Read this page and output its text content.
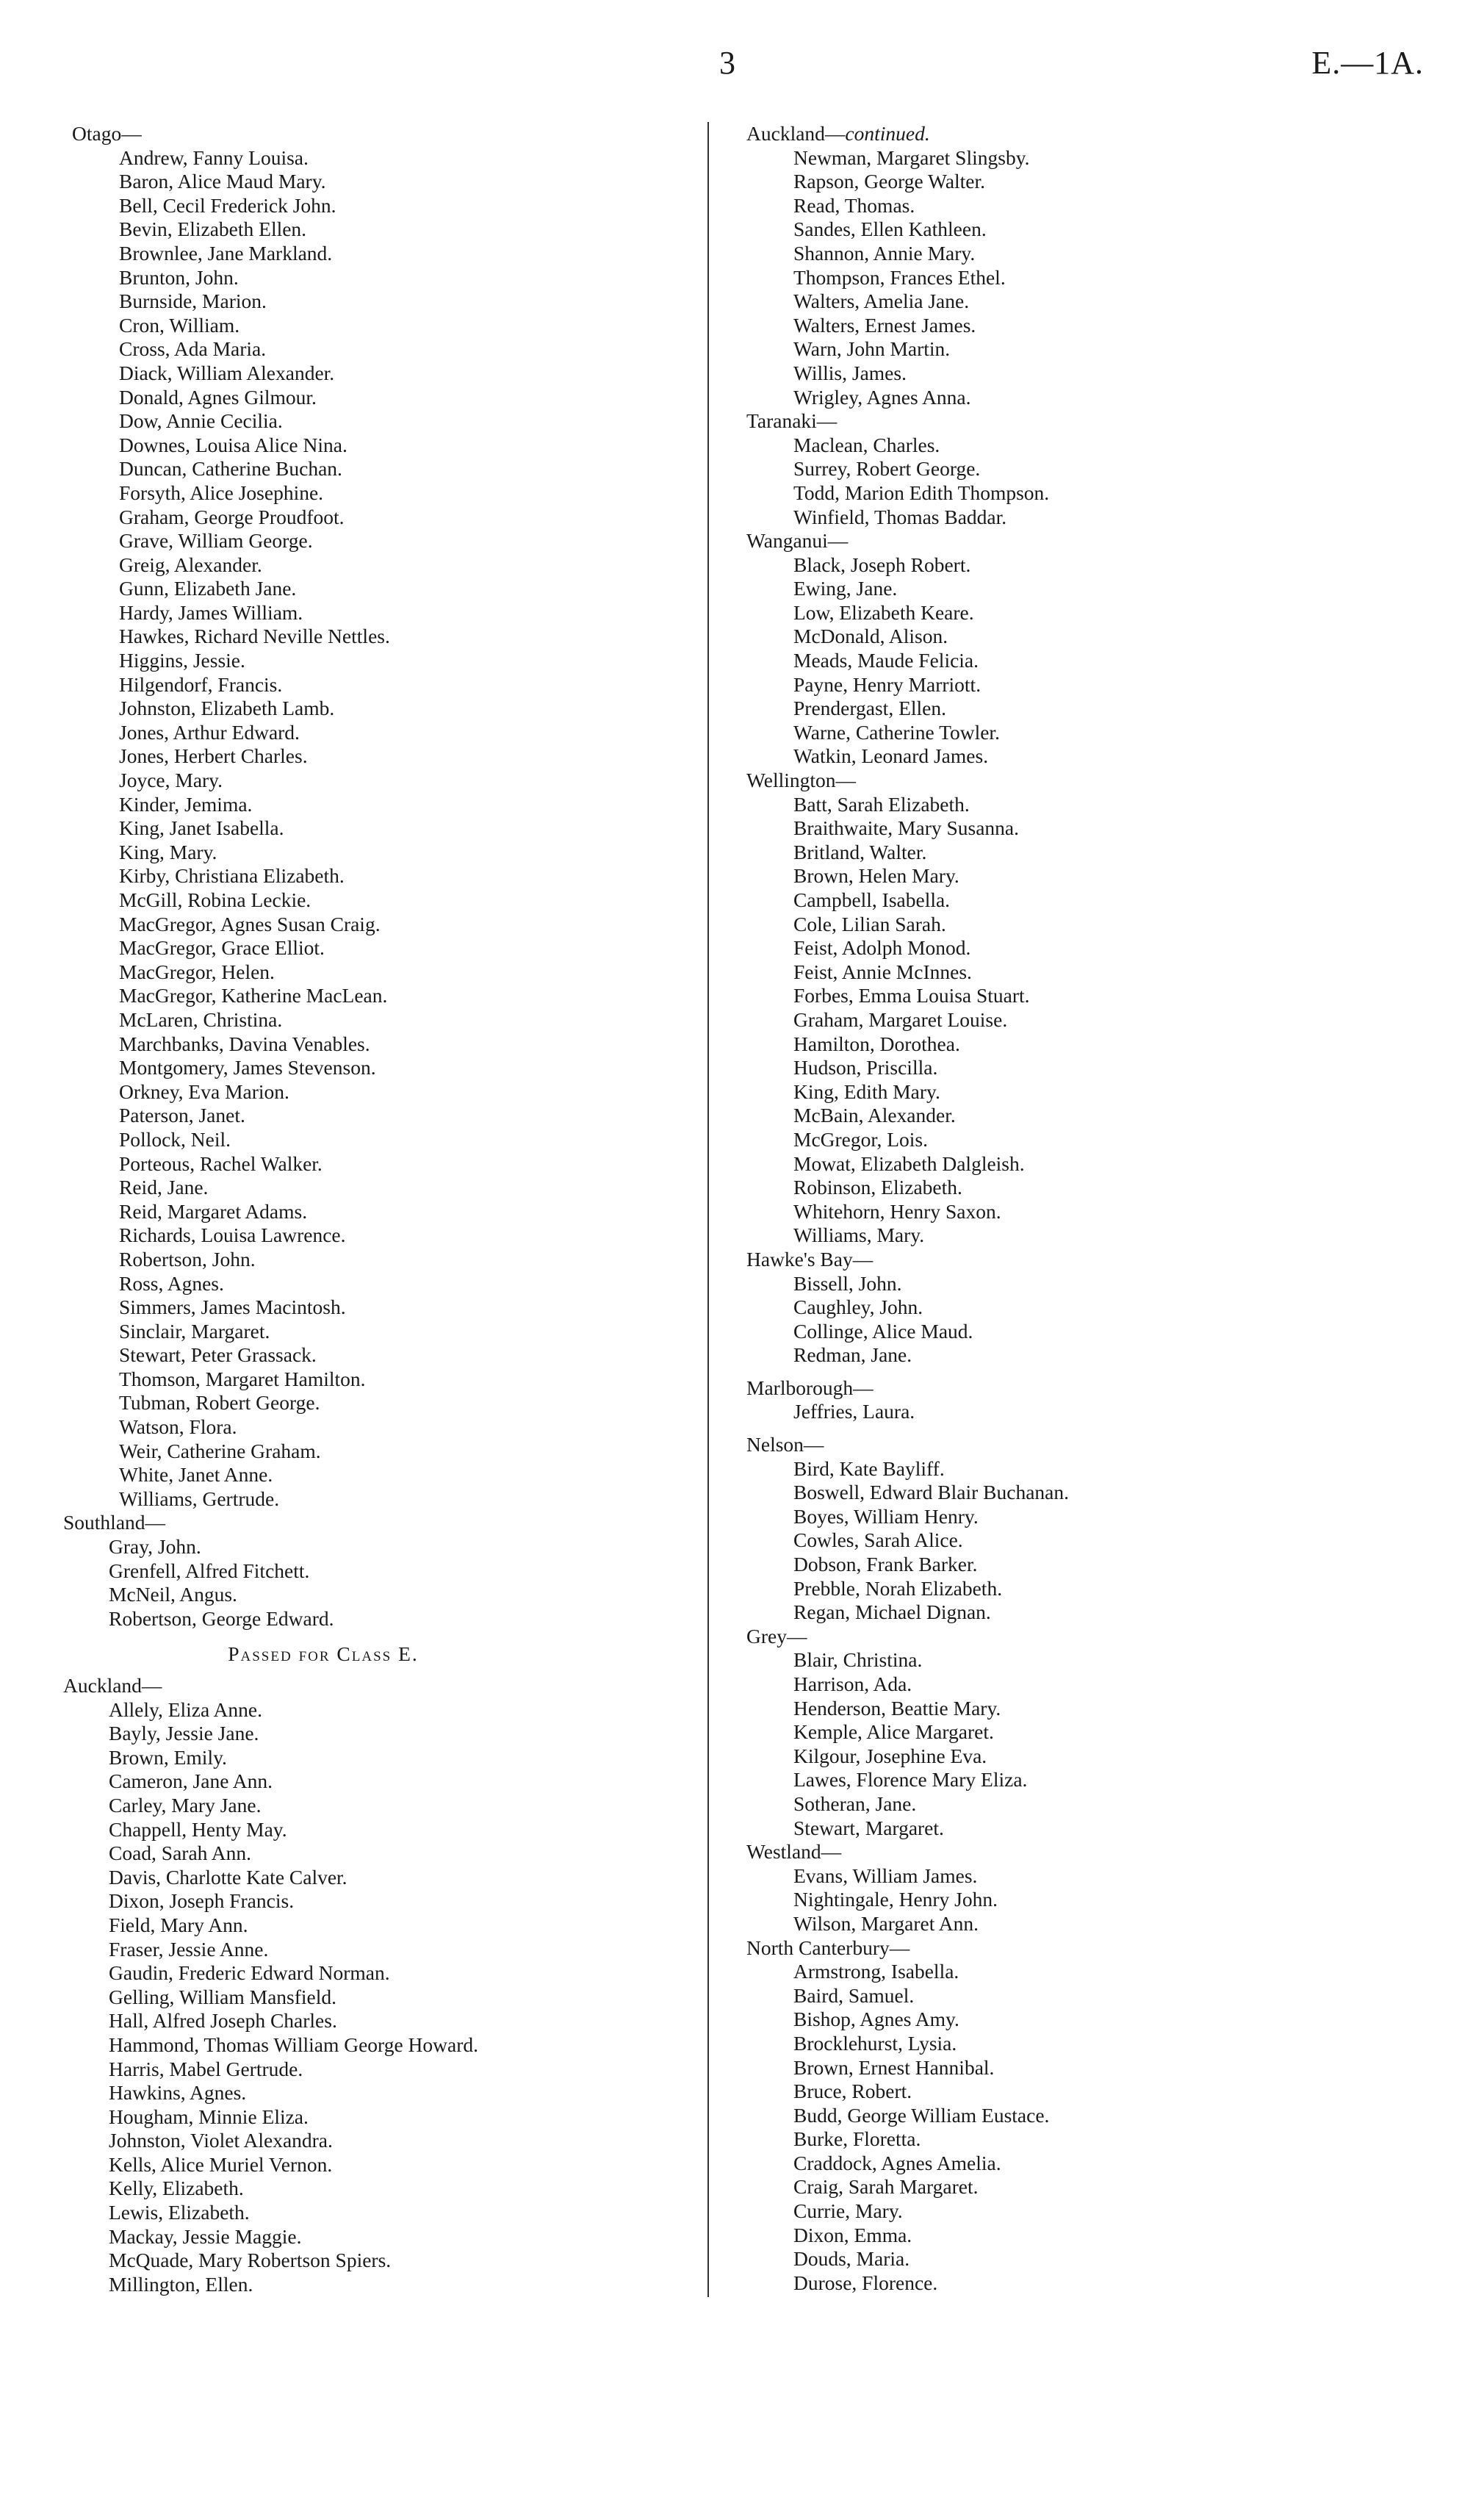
3	E.—1A.
Otago—
Andrew, Fanny Louisa.
Baron, Alice Maud Mary.
Bell, Cecil Frederick John.
Bevin, Elizabeth Ellen.
Brownlee, Jane Markland.
Brunton, John.
Burnside, Marion.
Cron, William.
Cross, Ada Maria.
Diack, William Alexander.
Donald, Agnes Gilmour.
Dow, Annie Cecilia.
Downes, Louisa Alice Nina.
Duncan, Catherine Buchan.
Forsyth, Alice Josephine.
Graham, George Proudfoot.
Grave, William George.
Greig, Alexander.
Gunn, Elizabeth Jane.
Hardy, James William.
Hawkes, Richard Neville Nettles.
Higgins, Jessie.
Hilgendorf, Francis.
Johnston, Elizabeth Lamb.
Jones, Arthur Edward.
Jones, Herbert Charles.
Joyce, Mary.
Kinder, Jemima.
King, Janet Isabella.
King, Mary.
Kirby, Christiana Elizabeth.
McGill, Robina Leckie.
MacGregor, Agnes Susan Craig.
MacGregor, Grace Elliot.
MacGregor, Helen.
MacGregor, Katherine MacLean.
McLaren, Christina.
Marchbanks, Davina Venables.
Montgomery, James Stevenson.
Orkney, Eva Marion.
Paterson, Janet.
Pollock, Neil.
Porteous, Rachel Walker.
Reid, Jane.
Reid, Margaret Adams.
Richards, Louisa Lawrence.
Robertson, John.
Ross, Agnes.
Simmers, James Macintosh.
Sinclair, Margaret.
Stewart, Peter Grassack.
Thomson, Margaret Hamilton.
Tubman, Robert George.
Watson, Flora.
Weir, Catherine Graham.
White, Janet Anne.
Williams, Gertrude.
Southland—
Gray, John.
Grenfell, Alfred Fitchett.
McNeil, Angus.
Robertson, George Edward.
Passed for Class E.
Auckland—
Allely, Eliza Anne.
Bayly, Jessie Jane.
Brown, Emily.
Cameron, Jane Ann.
Carley, Mary Jane.
Chappell, Henty May.
Coad, Sarah Ann.
Davis, Charlotte Kate Calver.
Dixon, Joseph Francis.
Field, Mary Ann.
Fraser, Jessie Anne.
Gaudin, Frederic Edward Norman.
Gelling, William Mansfield.
Hall, Alfred Joseph Charles.
Hammond, Thomas William George Howard.
Harris, Mabel Gertrude.
Hawkins, Agnes.
Hougham, Minnie Eliza.
Johnston, Violet Alexandra.
Kells, Alice Muriel Vernon.
Kelly, Elizabeth.
Lewis, Elizabeth.
Mackay, Jessie Maggie.
McQuade, Mary Robertson Spiers.
Millington, Ellen.
Auckland—continued.
Newman, Margaret Slingsby.
Rapson, George Walter.
Read, Thomas.
Sandes, Ellen Kathleen.
Shannon, Annie Mary.
Thompson, Frances Ethel.
Walters, Amelia Jane.
Walters, Ernest James.
Warn, John Martin.
Willis, James.
Wrigley, Agnes Anna.
Taranaki—
Maclean, Charles.
Surrey, Robert George.
Todd, Marion Edith Thompson.
Winfield, Thomas Baddar.
Wanganui—
Black, Joseph Robert.
Ewing, Jane.
Low, Elizabeth Keare.
McDonald, Alison.
Meads, Maude Felicia.
Payne, Henry Marriott.
Prendergast, Ellen.
Warne, Catherine Towler.
Watkin, Leonard James.
Wellington—
Batt, Sarah Elizabeth.
Braithwaite, Mary Susanna.
Britland, Walter.
Brown, Helen Mary.
Campbell, Isabella.
Cole, Lilian Sarah.
Feist, Adolph Monod.
Feist, Annie McInnes.
Forbes, Emma Louisa Stuart.
Graham, Margaret Louise.
Hamilton, Dorothea.
Hudson, Priscilla.
King, Edith Mary.
McBain, Alexander.
McGregor, Lois.
Mowat, Elizabeth Dalgleish.
Robinson, Elizabeth.
Whitehorn, Henry Saxon.
Williams, Mary.
Hawke's Bay—
Bissell, John.
Caughley, John.
Collinge, Alice Maud.
Redman, Jane.
Marlborough—
Jeffries, Laura.
Nelson—
Bird, Kate Bayliff.
Boswell, Edward Blair Buchanan.
Boyes, William Henry.
Cowles, Sarah Alice.
Dobson, Frank Barker.
Prebble, Norah Elizabeth.
Regan, Michael Dignan.
Grey—
Blair, Christina.
Harrison, Ada.
Henderson, Beattie Mary.
Kemple, Alice Margaret.
Kilgour, Josephine Eva.
Lawes, Florence Mary Eliza.
Sotheran, Jane.
Stewart, Margaret.
Westland—
Evans, William James.
Nightingale, Henry John.
Wilson, Margaret Ann.
North Canterbury—
Armstrong, Isabella.
Baird, Samuel.
Bishop, Agnes Amy.
Brocklehurst, Lysia.
Brown, Ernest Hannibal.
Bruce, Robert.
Budd, George William Eustace.
Burke, Floretta.
Craddock, Agnes Amelia.
Craig, Sarah Margaret.
Currie, Mary.
Dixon, Emma.
Douds, Maria.
Durose, Florence.
